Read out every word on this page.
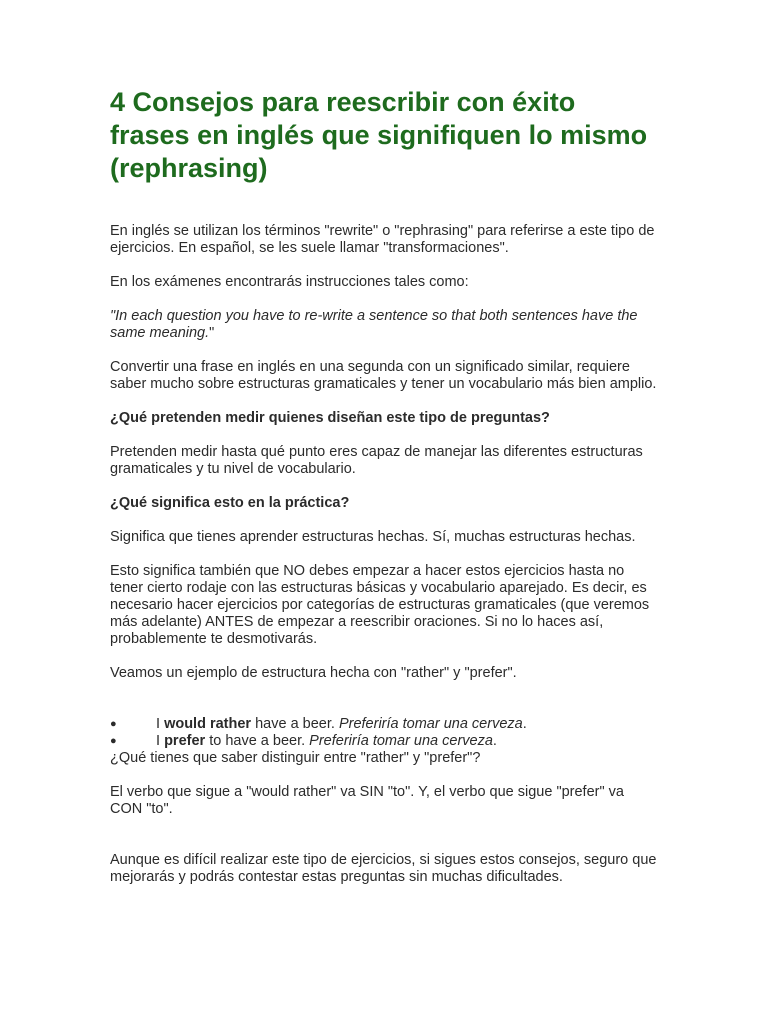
4 Consejos para reescribir con éxito frases en inglés que signifiquen lo mismo (rephrasing)

En inglés se utilizan los términos "rewrite" o "rephrasing" para referirse a este tipo de ejercicios. En español, se les suele llamar "transformaciones".

En los exámenes encontrarás instrucciones tales como:

"In each question you have to re-write a sentence so that both sentences have the same meaning."

Convertir una frase en inglés en una segunda con un significado similar, requiere saber mucho sobre estructuras gramaticales y tener un vocabulario más bien amplio.

¿Qué pretenden medir quienes diseñan este tipo de preguntas?

Pretenden medir hasta qué punto eres capaz de manejar las diferentes estructuras gramaticales y tu nivel de vocabulario.

¿Qué significa esto en la práctica?

Significa que tienes aprender estructuras hechas. Sí, muchas estructuras hechas.

Esto significa también que NO debes empezar a hacer estos ejercicios hasta no tener cierto rodaje con las estructuras básicas y vocabulario aparejado. Es decir, es necesario hacer ejercicios por categorías de estructuras gramaticales (que veremos más adelante) ANTES de empezar a reescribir oraciones. Si no lo haces así, probablemente te desmotivarás.

Veamos un ejemplo de estructura hecha con "rather" y "prefer".

●	I would rather have a beer. Preferiría tomar una cerveza.
●	I prefer to have a beer. Preferiría tomar una cerveza.

¿Qué tienes que saber distinguir entre "rather" y "prefer"?

El verbo que sigue a "would rather" va SIN "to". Y, el verbo que sigue "prefer" va CON "to".

Aunque es difícil realizar este tipo de ejercicios, si sigues estos consejos, seguro que mejorarás y podrás contestar estas preguntas sin muchas dificultades.
